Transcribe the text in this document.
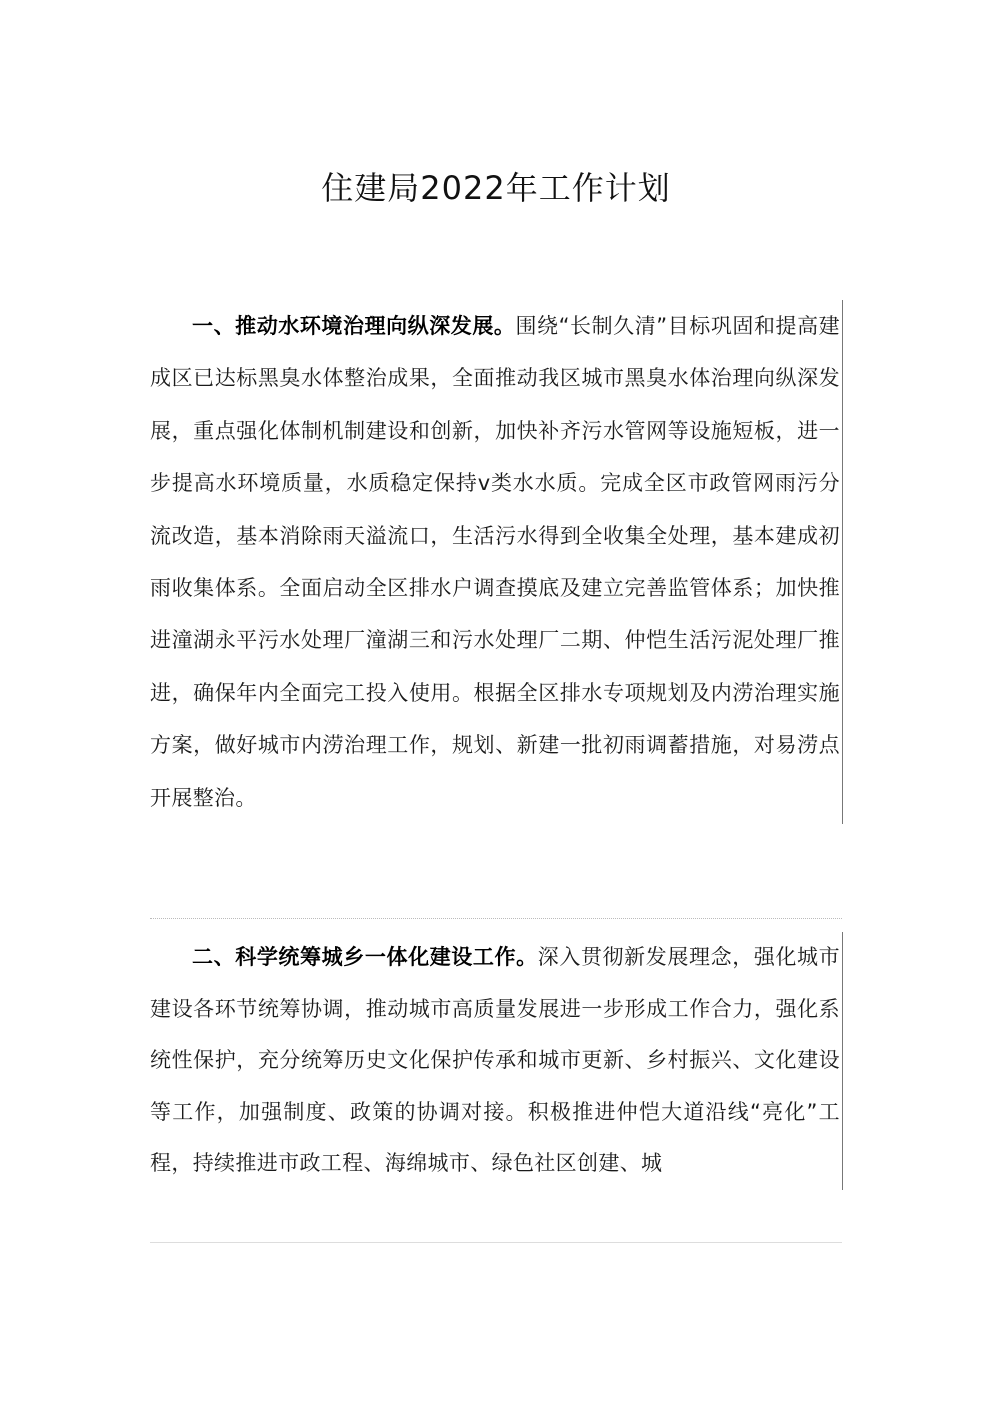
住建局2022年工作计划

一、推动水环境治理向纵深发展。围绕“长制久清”目标巩固和提高建成区已达标黑臭水体整治成果，全面推动我区城市黑臭水体治理向纵深发展，重点强化体制机制建设和创新，加快补齐污水管网等设施短板，进一步提高水环境质量，水质稳定保持v类水水质。完成全区市政管网雨污分流改造，基本消除雨天溢流口，生活污水得到全收集全处理，基本建成初雨收集体系。全面启动全区排水户调查摸底及建立完善监管体系；加快推进潼湖永平污水处理厂潼湖三和污水处理厂二期、仲恺生活污泥处理厂推进，确保年内全面完工投入使用。根据全区排水专项规划及内涝治理实施方案，做好城市内涝治理工作，规划、新建一批初雨调蓄措施，对易涝点开展整治。

二、科学统筹城乡一体化建设工作。深入贯彻新发展理念，强化城市建设各环节统筹协调，推动城市高质量发展进一步形成工作合力，强化系统性保护，充分统筹历史文化保护传承和城市更新、乡村振兴、文化建设等工作，加强制度、政策的协调对接。积极推进仲恺大道沿线“亮化”工程，持续推进市政工程、海绵城市、绿色社区创建、城
